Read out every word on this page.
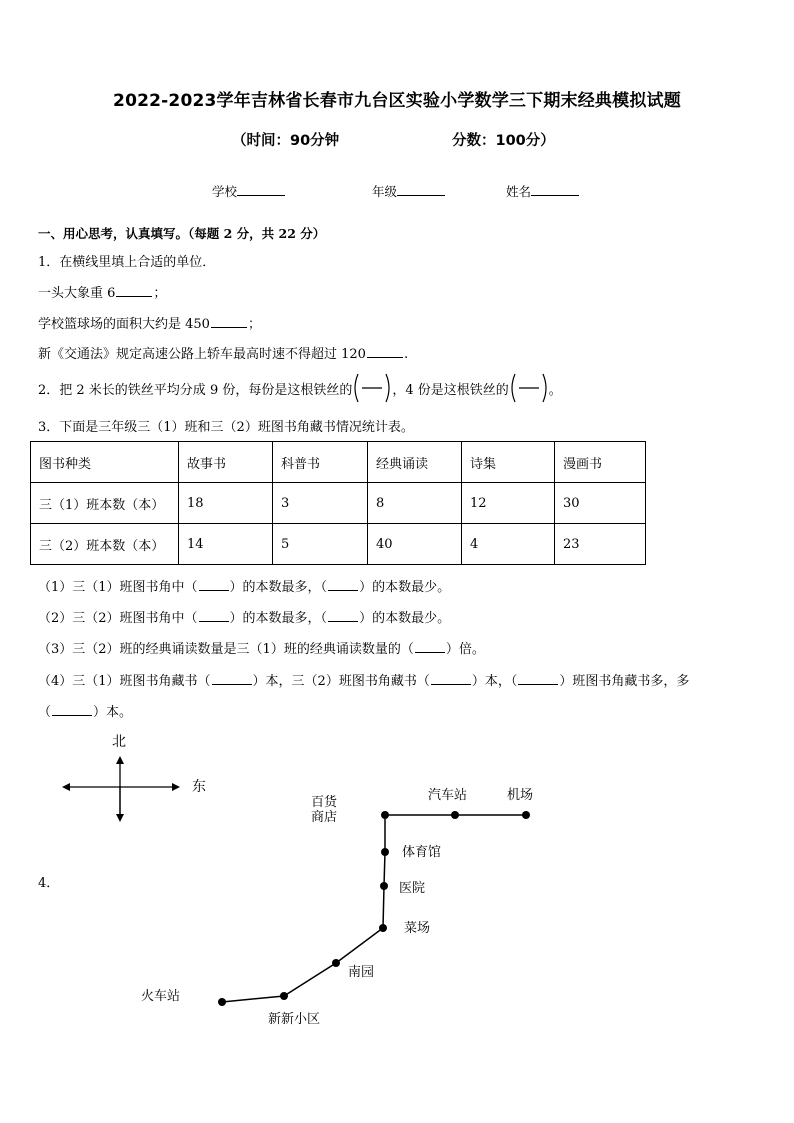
2022-2023学年吉林省长春市九台区实验小学数学三下期末经典模拟试题
（时间：90分钟	分数：100分）
学校	年级	姓名
一、用心思考，认真填写。（每题 2 分，共 22 分）
1．在横线里填上合适的单位．
一头大象重 6	；
学校篮球场的面积大约是 450	；
新《交通法》规定高速公路上轿车最高时速不得超过 120	.
2．把 2 米长的铁丝平均分成 9 份，每份是这根铁丝的	，4 份是这根铁丝的	。
3．下面是三年级三（1）班和三（2）班图书角藏书情况统计表。
图书种类	故事书	科普书	经典诵读	诗集	漫画书
三（1）班本数（本）	18	3	8	12	30
三（2）班本数（本）	14	5	40	4	23
（1）三（1）班图书角中（ ）的本数最多，（ ）的本数最少。
（2）三（2）班图书角中（ ）的本数最多，（ ）的本数最少。
（3）三（2）班的经典诵读数量是三（1）班的经典诵读数量的（ ）倍。
（4）三（1）班图书角藏书（	）本，三（2）班图书角藏书（	）本，（	）班图书角藏书多，多
（	）本。
4．
北
东
百货
商店
汽车站	机场
体育馆
医院
菜场
南园
火车站
新新小区
